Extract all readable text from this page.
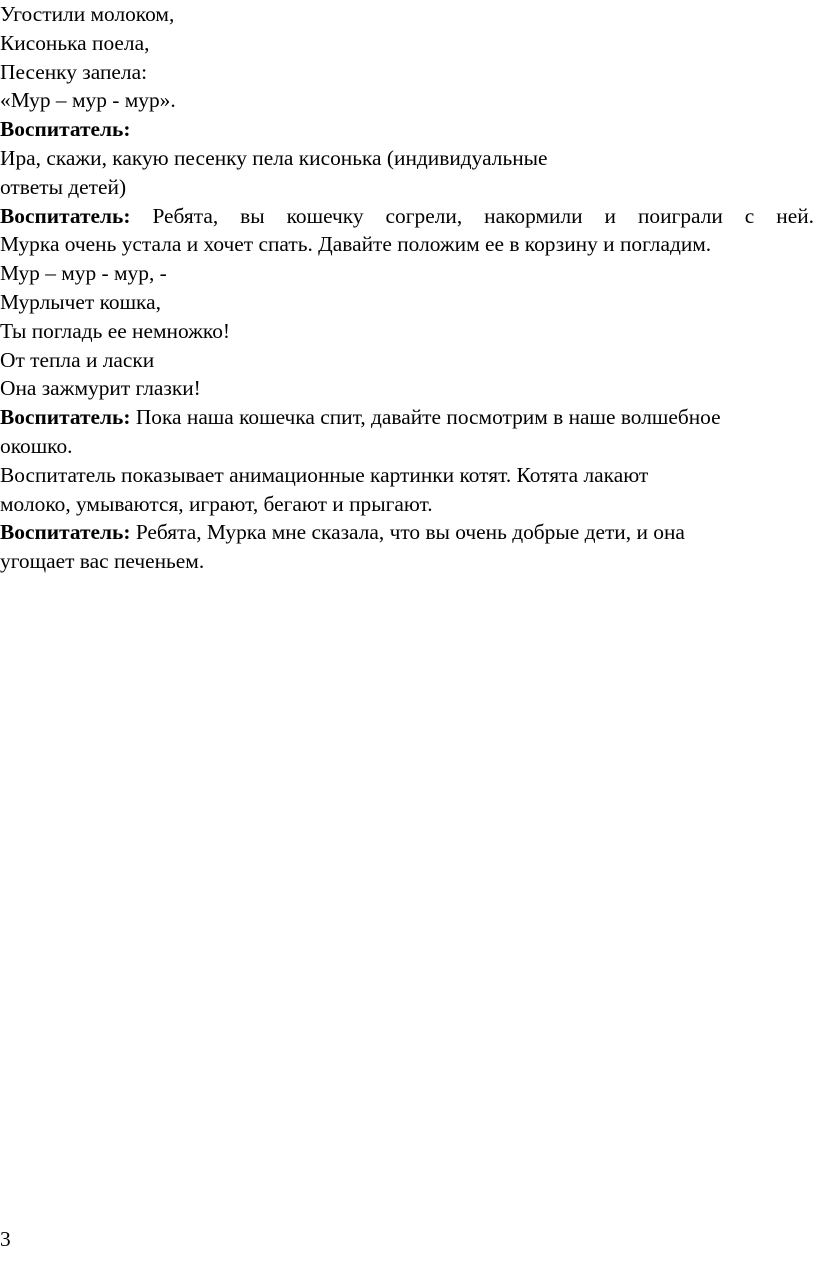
Угостили молоком,
Кисонька поела,
Песенку запела:
«Мур – мур - мур».
Воспитатель:
Ира, скажи, какую песенку пела кисонька (индивидуальные
ответы детей)
Воспитатель: Ребята, вы кошечку согрели, накормили и поиграли с ней.
Мурка очень устала и хочет спать. Давайте положим ее в корзину и погладим.
Мур – мур - мур, -
Мурлычет кошка,
Ты погладь ее немножко!
От тепла и ласки
Она зажмурит глазки!
Воспитатель: Пока наша кошечка спит, давайте посмотрим в наше волшебное
окошко.
Воспитатель показывает анимационные картинки котят. Котята лакают
молоко, умываются, играют, бегают и прыгают.
Воспитатель: Ребята, Мурка мне сказала, что вы очень добрые дети, и она
угощает вас печеньем.
3
